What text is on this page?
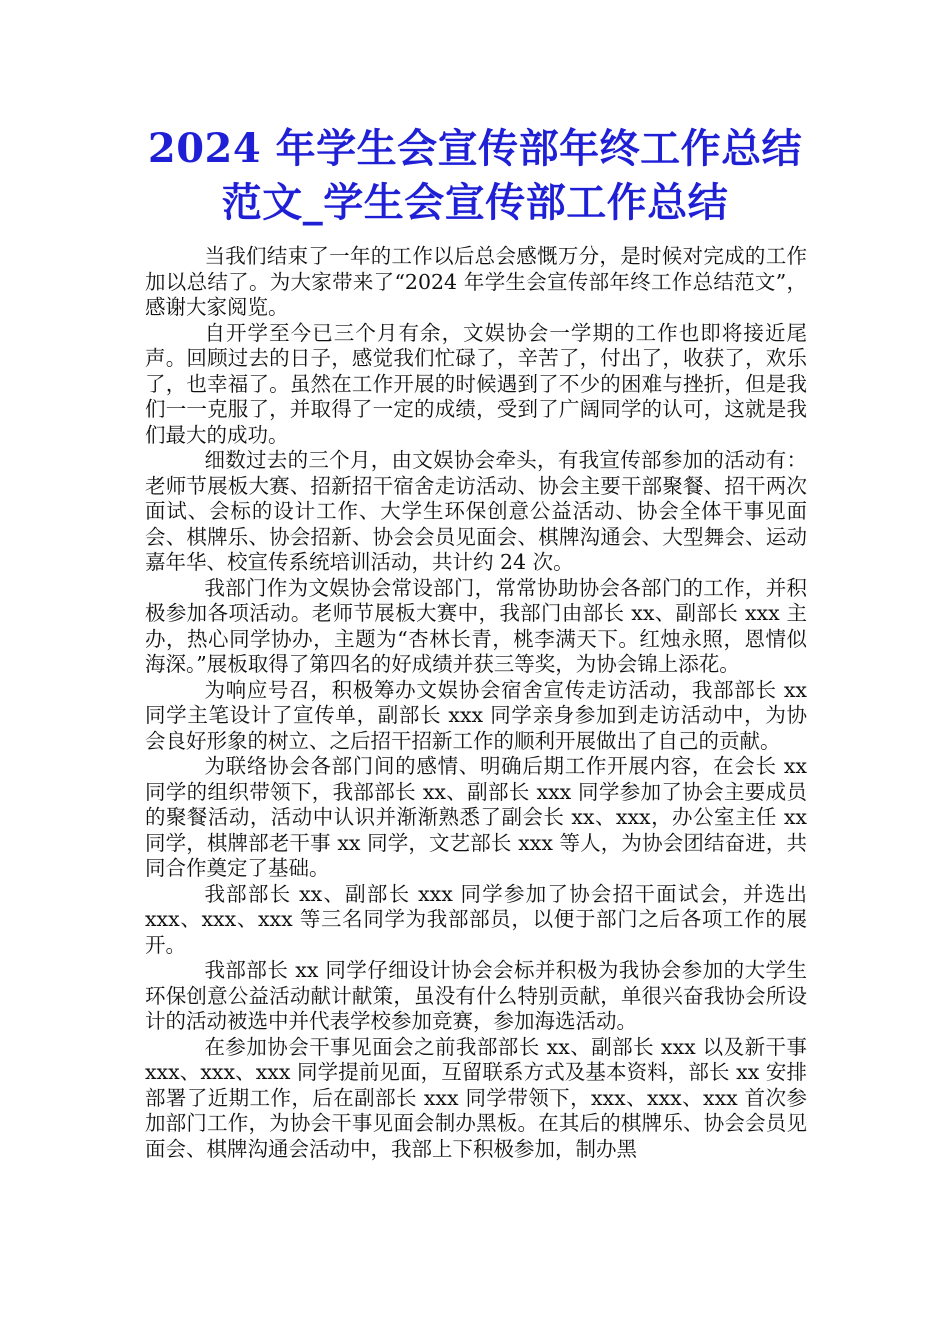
2024 年学生会宣传部年终工作总结
范文_学生会宣传部工作总结

当我们结束了一年的工作以后总会感慨万分，是时候对完成的工作加以总结了。为大家带来了“2024 年学生会宣传部年终工作总结范文”，感谢大家阅览。

自开学至今已三个月有余，文娱协会一学期的工作也即将接近尾声。回顾过去的日子，感觉我们忙碌了，辛苦了，付出了，收获了，欢乐了，也幸福了。虽然在工作开展的时候遇到了不少的困难与挫折，但是我们一一克服了，并取得了一定的成绩，受到了广阔同学的认可，这就是我们最大的成功。

细数过去的三个月，由文娱协会牵头，有我宣传部参加的活动有：老师节展板大赛、招新招干宿舍走访活动、协会主要干部聚餐、招干两次面试、会标的设计工作、大学生环保创意公益活动、协会全体干事见面会、棋牌乐、协会招新、协会会员见面会、棋牌沟通会、大型舞会、运动嘉年华、校宣传系统培训活动，共计约 24 次。

我部门作为文娱协会常设部门，常常协助协会各部门的工作，并积极参加各项活动。老师节展板大赛中，我部门由部长 xx、副部长 xxx 主办，热心同学协办，主题为“杏林长青，桃李满天下。红烛永照，恩情似海深。”展板取得了第四名的好成绩并获三等奖，为协会锦上添花。

为响应号召，积极筹办文娱协会宿舍宣传走访活动，我部部长 xx 同学主笔设计了宣传单，副部长 xxx 同学亲身参加到走访活动中，为协会良好形象的树立、之后招干招新工作的顺利开展做出了自己的贡献。

为联络协会各部门间的感情、明确后期工作开展内容，在会长 xx 同学的组织带领下，我部部长 xx、副部长 xxx 同学参加了协会主要成员的聚餐活动，活动中认识并渐渐熟悉了副会长 xx、xxx，办公室主任 xx 同学，棋牌部老干事 xx 同学，文艺部长 xxx 等人，为协会团结奋进，共同合作奠定了基础。

我部部长 xx、副部长 xxx 同学参加了协会招干面试会，并选出 xxx、xxx、xxx 等三名同学为我部部员，以便于部门之后各项工作的展开。

我部部长 xx 同学仔细设计协会会标并积极为我协会参加的大学生环保创意公益活动献计献策，虽没有什么特别贡献，单很兴奋我协会所设计的活动被选中并代表学校参加竞赛，参加海选活动。

在参加协会干事见面会之前我部部长 xx、副部长 xxx 以及新干事 xxx、xxx、xxx 同学提前见面，互留联系方式及基本资料，部长 xx 安排部署了近期工作，后在副部长 xxx 同学带领下，xxx、xxx、xxx 首次参加部门工作，为协会干事见面会制办黑板。在其后的棋牌乐、协会会员见面会、棋牌沟通会活动中，我部上下积极参加，制办黑
